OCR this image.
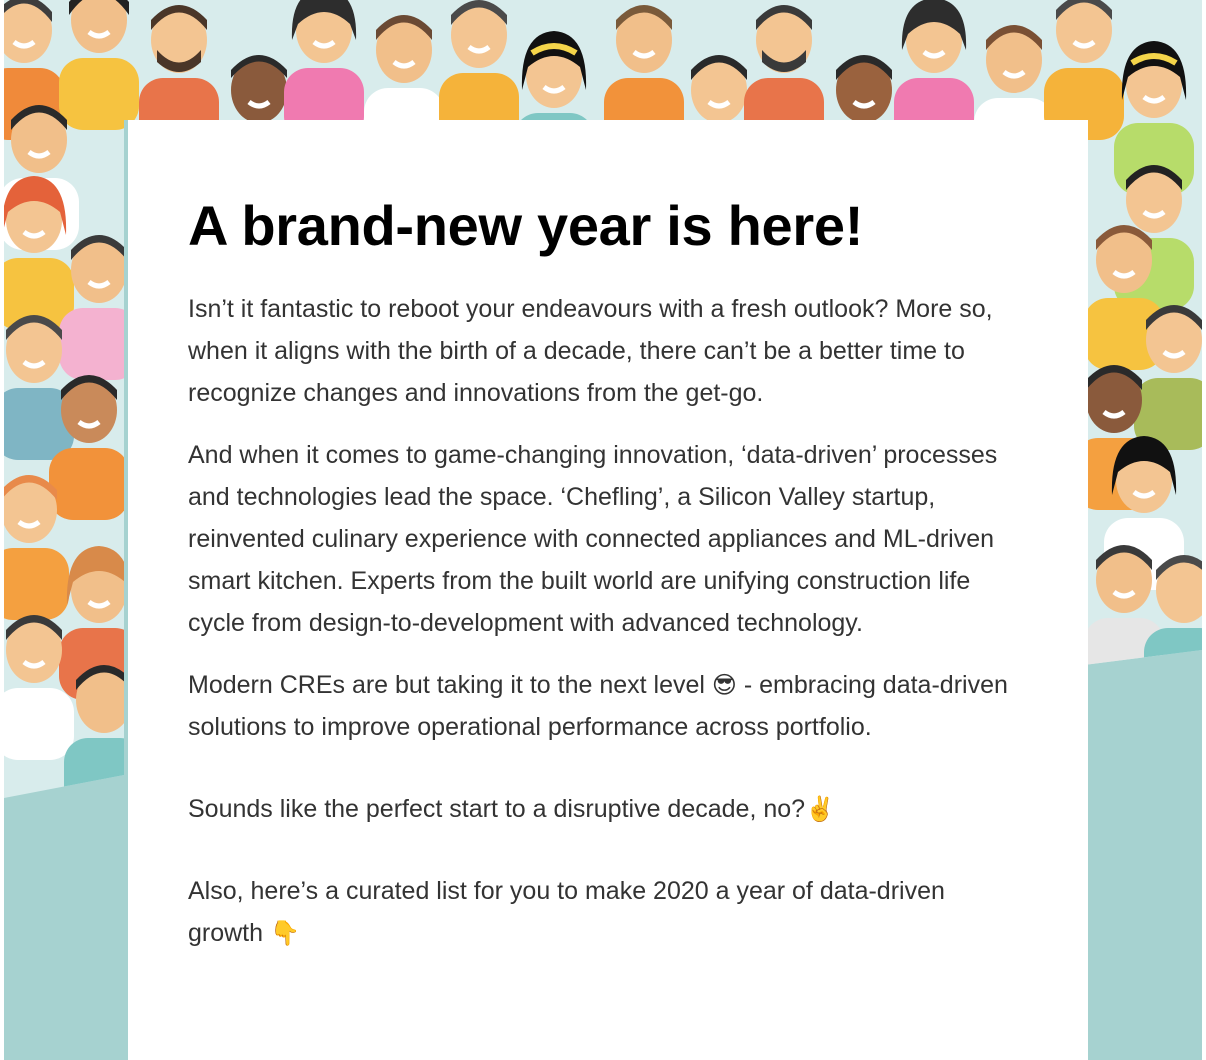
A brand-new year is here!

Isn’t it fantastic to reboot your endeavours with a fresh outlook? More so, when it aligns with the birth of a decade, there can’t be a better time to recognize changes and innovations from the get-go.

And when it comes to game-changing innovation, ‘data-driven’ processes and technologies lead the space. ‘Chefling’, a Silicon Valley startup, reinvented culinary experience with connected appliances and ML-driven smart kitchen. Experts from the built world are unifying construction life cycle from design-to-development with advanced technology.

Modern CREs are but taking it to the next level 😎 - embracing data-driven solutions to improve operational performance across portfolio.

Sounds like the perfect start to a disruptive decade, no?✌️

Also, here’s a curated list for you to make 2020 a year of data-driven growth 👇
